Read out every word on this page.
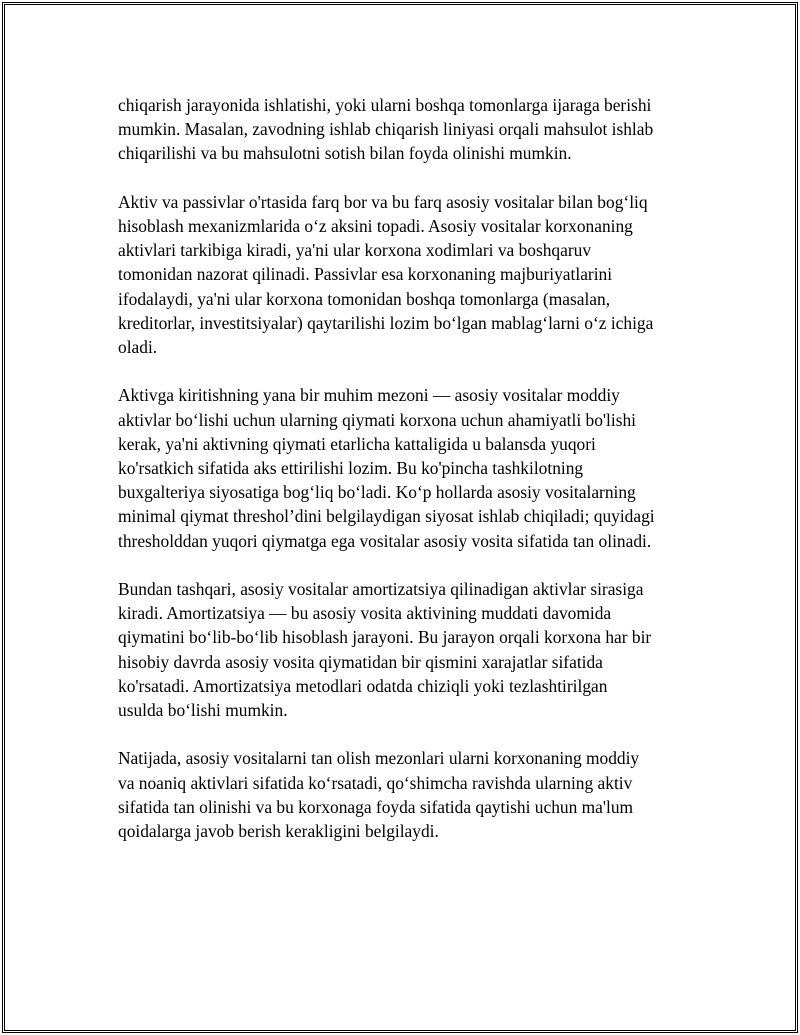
chiqarish jarayonida ishlatishi, yoki ularni boshqa tomonlarga ijaraga berishi
mumkin. Masalan, zavodning ishlab chiqarish liniyasi orqali mahsulot ishlab
chiqarilishi va bu mahsulotni sotish bilan foyda olinishi mumkin.

Aktiv va passivlar o'rtasida farq bor va bu farq asosiy vositalar bilan bog‘liq
hisoblash mexanizmlarida o‘z aksini topadi. Asosiy vositalar korxonaning
aktivlari tarkibiga kiradi, ya'ni ular korxona xodimlari va boshqaruv
tomonidan nazorat qilinadi. Passivlar esa korxonaning majburiyatlarini
ifodalaydi, ya'ni ular korxona tomonidan boshqa tomonlarga (masalan,
kreditorlar, investitsiyalar) qaytarilishi lozim bo‘lgan mablag‘larni o‘z ichiga
oladi.

Aktivga kiritishning yana bir muhim mezoni — asosiy vositalar moddiy
aktivlar bo‘lishi uchun ularning qiymati korxona uchun ahamiyatli bo'lishi
kerak, ya'ni aktivning qiymati etarlicha kattaligida u balansda yuqori
ko'rsatkich sifatida aks ettirilishi lozim. Bu ko'pincha tashkilotning
buxgalteriya siyosatiga bog‘liq bo‘ladi. Ko‘p hollarda asosiy vositalarning
minimal qiymat threshol’dini belgilaydigan siyosat ishlab chiqiladi; quyidagi
thresholddan yuqori qiymatga ega vositalar asosiy vosita sifatida tan olinadi.

Bundan tashqari, asosiy vositalar amortizatsiya qilinadigan aktivlar sirasiga
kiradi. Amortizatsiya — bu asosiy vosita aktivining muddati davomida
qiymatini bo‘lib-bo‘lib hisoblash jarayoni. Bu jarayon orqali korxona har bir
hisobiy davrda asosiy vosita qiymatidan bir qismini xarajatlar sifatida
ko'rsatadi. Amortizatsiya metodlari odatda chiziqli yoki tezlashtirilgan
usulda bo‘lishi mumkin.

Natijada, asosiy vositalarni tan olish mezonlari ularni korxonaning moddiy
va noaniq aktivlari sifatida ko‘rsatadi, qo‘shimcha ravishda ularning aktiv
sifatida tan olinishi va bu korxonaga foyda sifatida qaytishi uchun ma'lum
qoidalarga javob berish kerakligini belgilaydi.
